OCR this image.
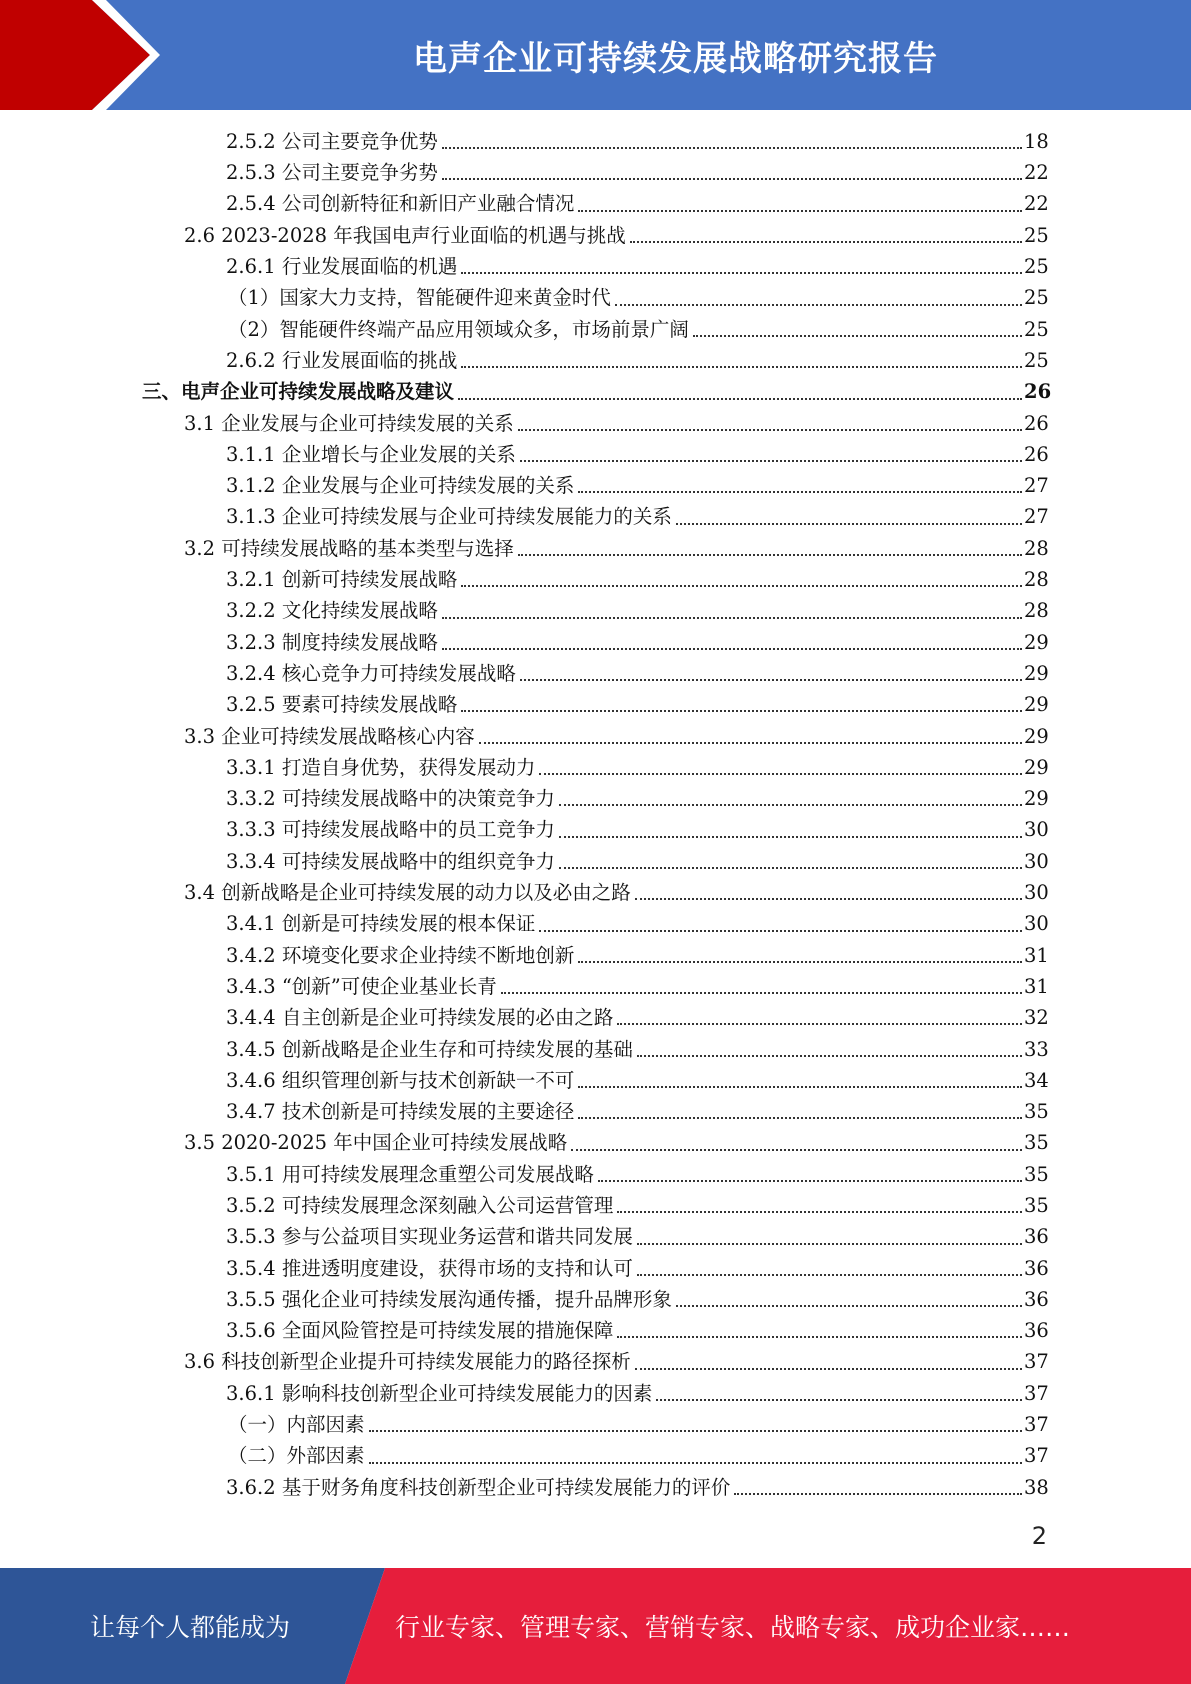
电声企业可持续发展战略研究报告
2.5.2 公司主要竞争优势	18
2.5.3 公司主要竞争劣势	22
2.5.4 公司创新特征和新旧产业融合情况	22
2.6 2023-2028 年我国电声行业面临的机遇与挑战	25
2.6.1 行业发展面临的机遇	25
（1）国家大力支持，智能硬件迎来黄金时代	25
（2）智能硬件终端产品应用领域众多，市场前景广阔	25
2.6.2 行业发展面临的挑战	25
三、电声企业可持续发展战略及建议	26
3.1 企业发展与企业可持续发展的关系	26
3.1.1 企业增长与企业发展的关系	26
3.1.2 企业发展与企业可持续发展的关系	27
3.1.3 企业可持续发展与企业可持续发展能力的关系	27
3.2 可持续发展战略的基本类型与选择	28
3.2.1 创新可持续发展战略	28
3.2.2 文化持续发展战略	28
3.2.3 制度持续发展战略	29
3.2.4 核心竞争力可持续发展战略	29
3.2.5 要素可持续发展战略	29
3.3 企业可持续发展战略核心内容	29
3.3.1 打造自身优势，获得发展动力	29
3.3.2 可持续发展战略中的决策竞争力	29
3.3.3 可持续发展战略中的员工竞争力	30
3.3.4 可持续发展战略中的组织竞争力	30
3.4 创新战略是企业可持续发展的动力以及必由之路	30
3.4.1 创新是可持续发展的根本保证	30
3.4.2 环境变化要求企业持续不断地创新	31
3.4.3 “创新”可使企业基业长青	31
3.4.4 自主创新是企业可持续发展的必由之路	32
3.4.5 创新战略是企业生存和可持续发展的基础	33
3.4.6 组织管理创新与技术创新缺一不可	34
3.4.7 技术创新是可持续发展的主要途径	35
3.5 2020-2025 年中国企业可持续发展战略	35
3.5.1 用可持续发展理念重塑公司发展战略	35
3.5.2 可持续发展理念深刻融入公司运营管理	35
3.5.3 参与公益项目实现业务运营和谐共同发展	36
3.5.4 推进透明度建设，获得市场的支持和认可	36
3.5.5 强化企业可持续发展沟通传播，提升品牌形象	36
3.5.6 全面风险管控是可持续发展的措施保障	36
3.6 科技创新型企业提升可持续发展能力的路径探析	37
3.6.1 影响科技创新型企业可持续发展能力的因素	37
（一）内部因素	37
（二）外部因素	37
3.6.2 基于财务角度科技创新型企业可持续发展能力的评价	38
2
让每个人都能成为	行业专家、管理专家、营销专家、战略专家、成功企业家……
